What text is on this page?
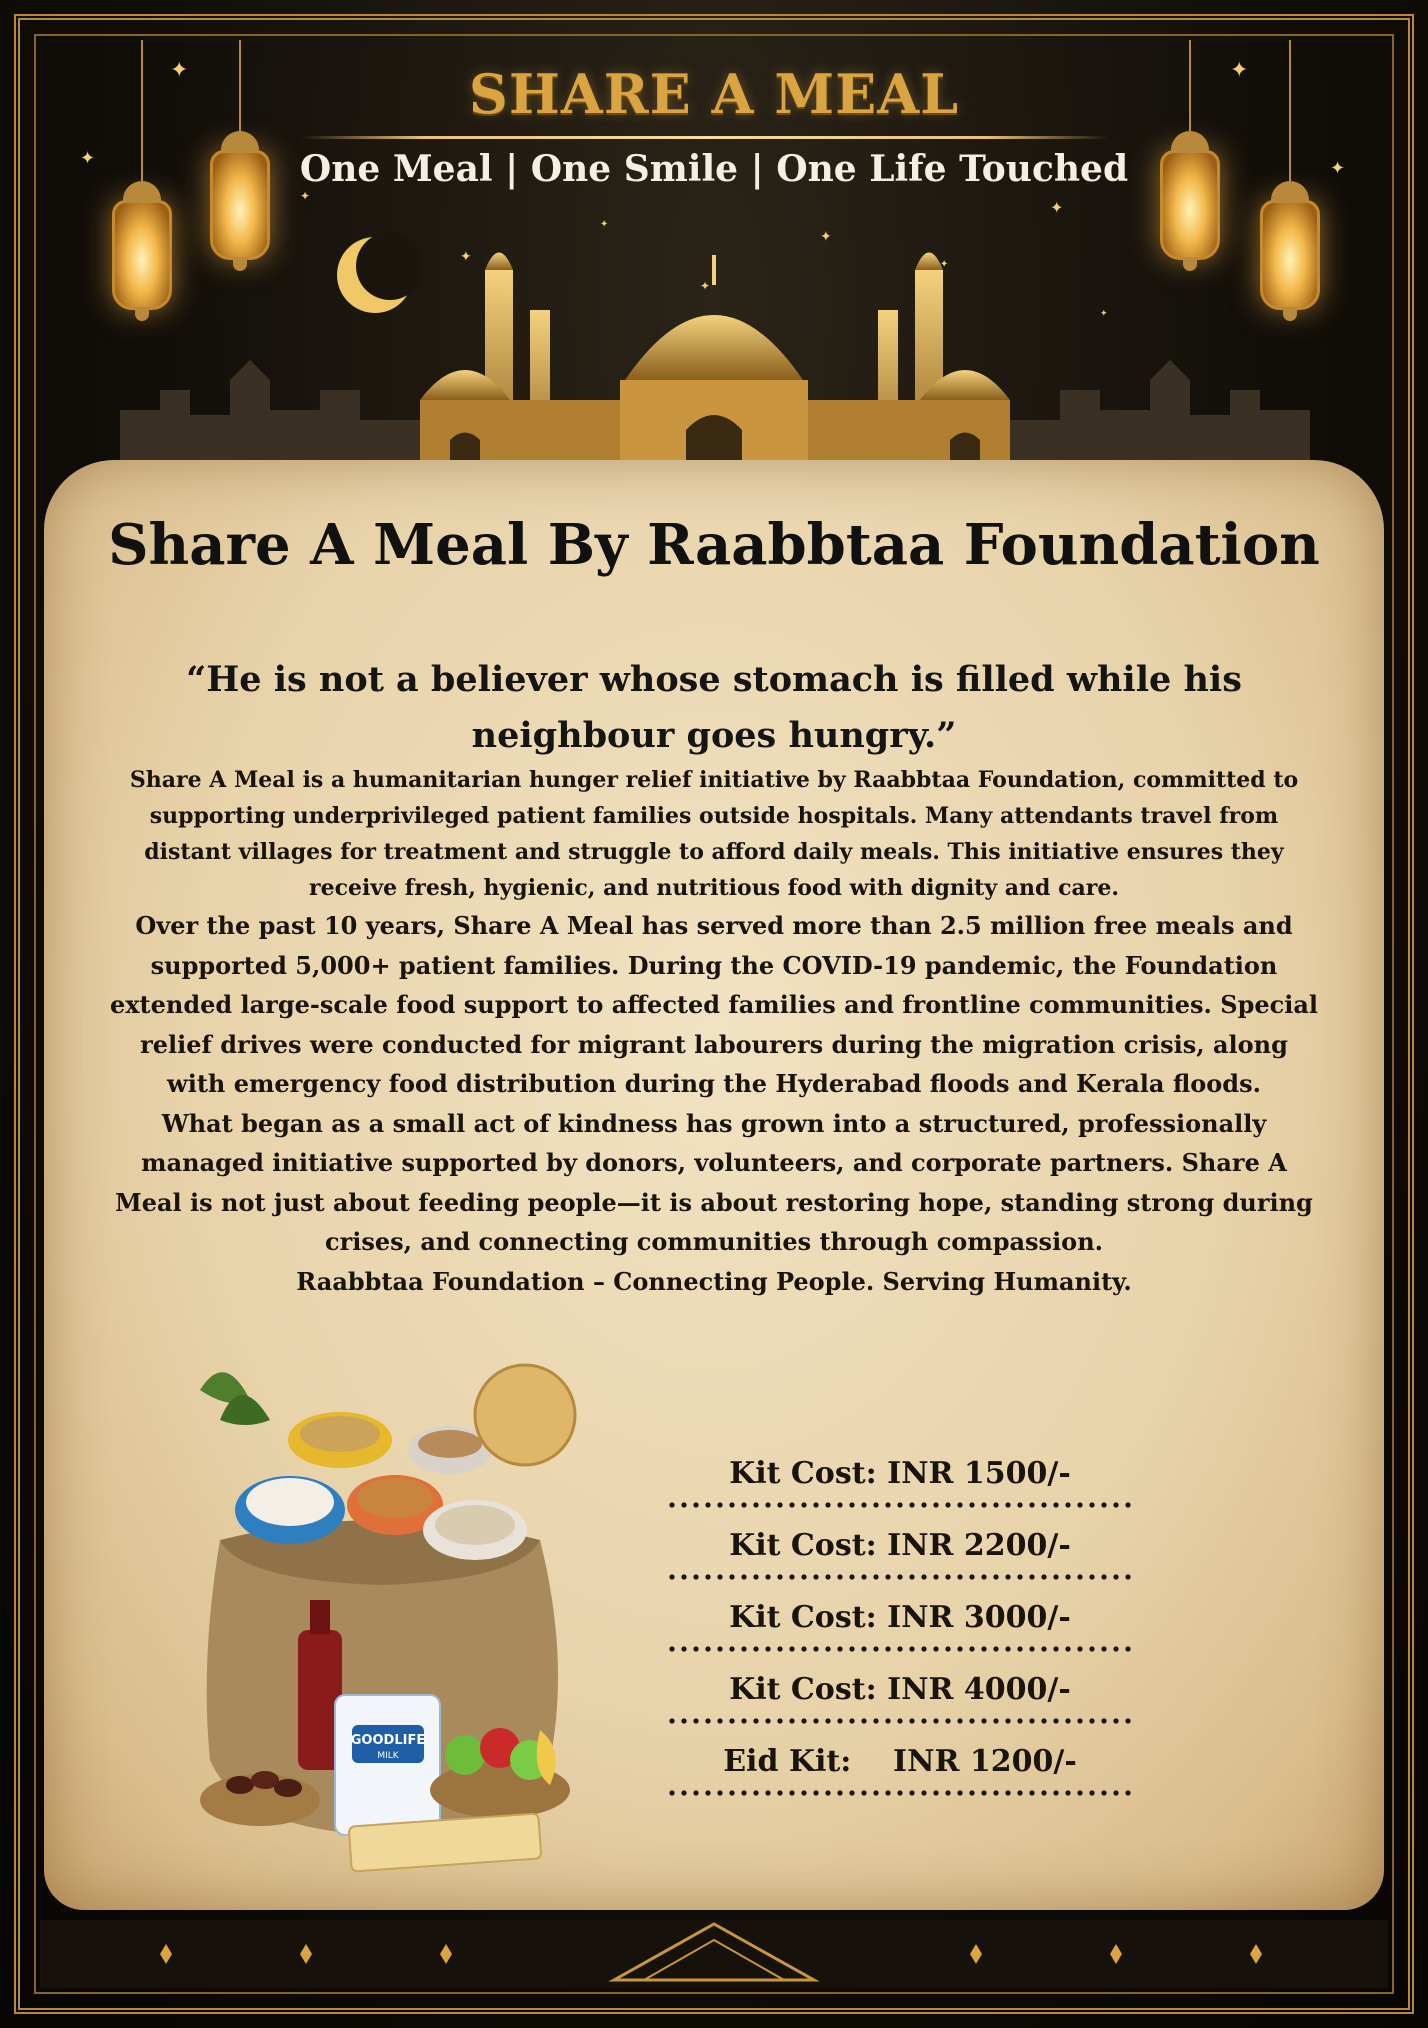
✦
✦
✦
✦
✦
✦
✦
✦
✦
✦
✦
✦
SHARE A MEAL
One Meal | One Smile | One Life Touched
Share A Meal By Raabbtaa Foundation
“He is not a believer whose stomach is filled while his neighbour goes hungry.”

Share A Meal is a humanitarian hunger relief initiative by Raabbtaa Foundation, committed to supporting underprivileged patient families outside hospitals. Many attendants travel from distant villages for treatment and struggle to afford daily meals. This initiative ensures they receive fresh, hygienic, and nutritious food with dignity and care.

Over the past 10 years, Share A Meal has served more than 2.5 million free meals and supported 5,000+ patient families. During the COVID-19 pandemic, the Foundation extended large-scale food support to affected families and frontline communities. Special relief drives were conducted for migrant labourers during the migration crisis, along with emergency food distribution during the Hyderabad floods and Kerala floods.

What began as a small act of kindness has grown into a structured, professionally managed initiative supported by donors, volunteers, and corporate partners. Share A Meal is not just about feeding people—it is about restoring hope, standing strong during crises, and connecting communities through compassion.

Raabbtaa Foundation – Connecting People. Serving Humanity.

GOODLIFE
MILK
Kit Cost: INR 1500/-
Kit Cost: INR 2200/-
Kit Cost: INR 3000/-
Kit Cost: INR 4000/-
Eid Kit:    INR 1200/-
